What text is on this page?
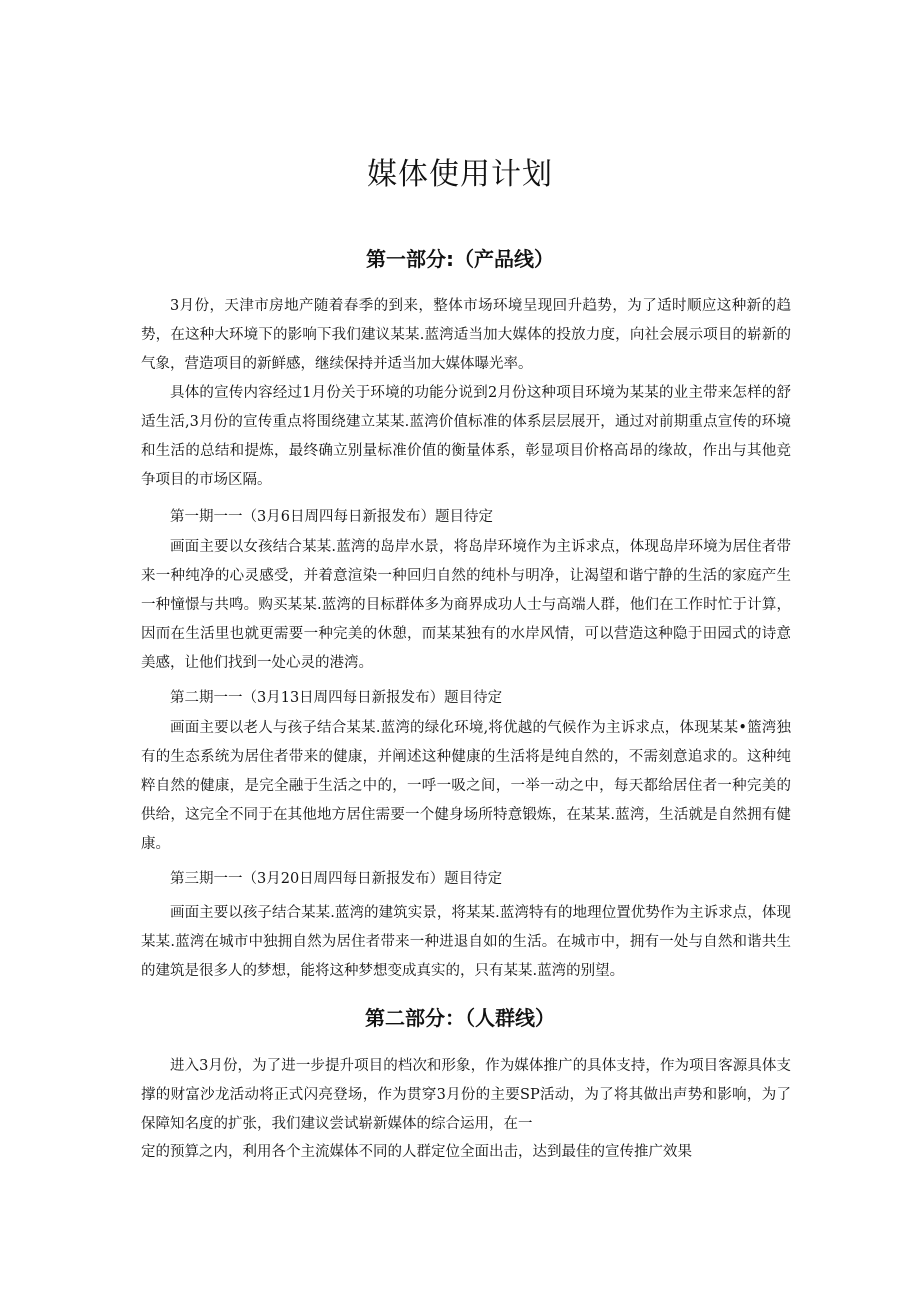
媒体使用计划
第一部分:（产品线）

3月份，天津市房地产随着春季的到来，整体市场环境呈现回升趋势，为了适时顺应这种新的趋势，在这种大环境下的影响下我们建议某某.蓝湾适当加大媒体的投放力度，向社会展示项目的崭新的气象，营造项目的新鲜感，继续保持并适当加大媒体曝光率。

具体的宣传内容经过1月份关于环境的功能分说到2月份这种项目环境为某某的业主带来怎样的舒适生活,3月份的宣传重点将围绕建立某某.蓝湾价值标准的体系层层展开，通过对前期重点宣传的环境和生活的总结和提炼，最终确立别量标准价值的衡量体系，彰显项目价格高昂的缘故，作出与其他竞争项目的市场区隔。

第一期一一（3月6日周四每日新报发布）题目待定

画面主要以女孩结合某某.蓝湾的岛岸水景，将岛岸环境作为主诉求点，体现岛岸环境为居住者带来一种纯净的心灵感受，并着意渲染一种回归自然的纯朴与明净，让渴望和谐宁静的生活的家庭产生一种憧憬与共鸣。购买某某.蓝湾的目标群体多为商界成功人士与高端人群，他们在工作时忙于计算，因而在生活里也就更需要一种完美的休憩，而某某独有的水岸风情，可以营造这种隐于田园式的诗意美感，让他们找到一处心灵的港湾。

第二期一一（3月13日周四每日新报发布）题目待定

画面主要以老人与孩子结合某某.蓝湾的绿化环境,将优越的气候作为主诉求点，体现某某•篮湾独有的生态系统为居住者带来的健康，并阐述这种健康的生活将是纯自然的，不需刻意追求的。这种纯粹自然的健康，是完全融于生活之中的，一呼一吸之间，一举一动之中，每天都给居住者一种完美的供给，这完全不同于在其他地方居住需要一个健身场所特意锻炼，在某某.蓝湾，生活就是自然拥有健康。

第三期一一（3月20日周四每日新报发布）题目待定

画面主要以孩子结合某某.蓝湾的建筑实景，将某某.蓝湾特有的地理位置优势作为主诉求点，体现某某.蓝湾在城市中独拥自然为居住者带来一种进退自如的生活。在城市中，拥有一处与自然和谐共生的建筑是很多人的梦想，能将这种梦想变成真实的，只有某某.蓝湾的别望。

第二部分：（人群线）

进入3月份，为了进一步提升项目的档次和形象，作为媒体推广的具体支持，作为项目客源具体支撑的财富沙龙活动将正式闪亮登场，作为贯穿3月份的主要SP活动，为了将其做出声势和影响，为了保障知名度的扩张，我们建议尝试崭新媒体的综合运用，在一

定的预算之内，利用各个主流媒体不同的人群定位全面出击，达到最佳的宣传推广效果
